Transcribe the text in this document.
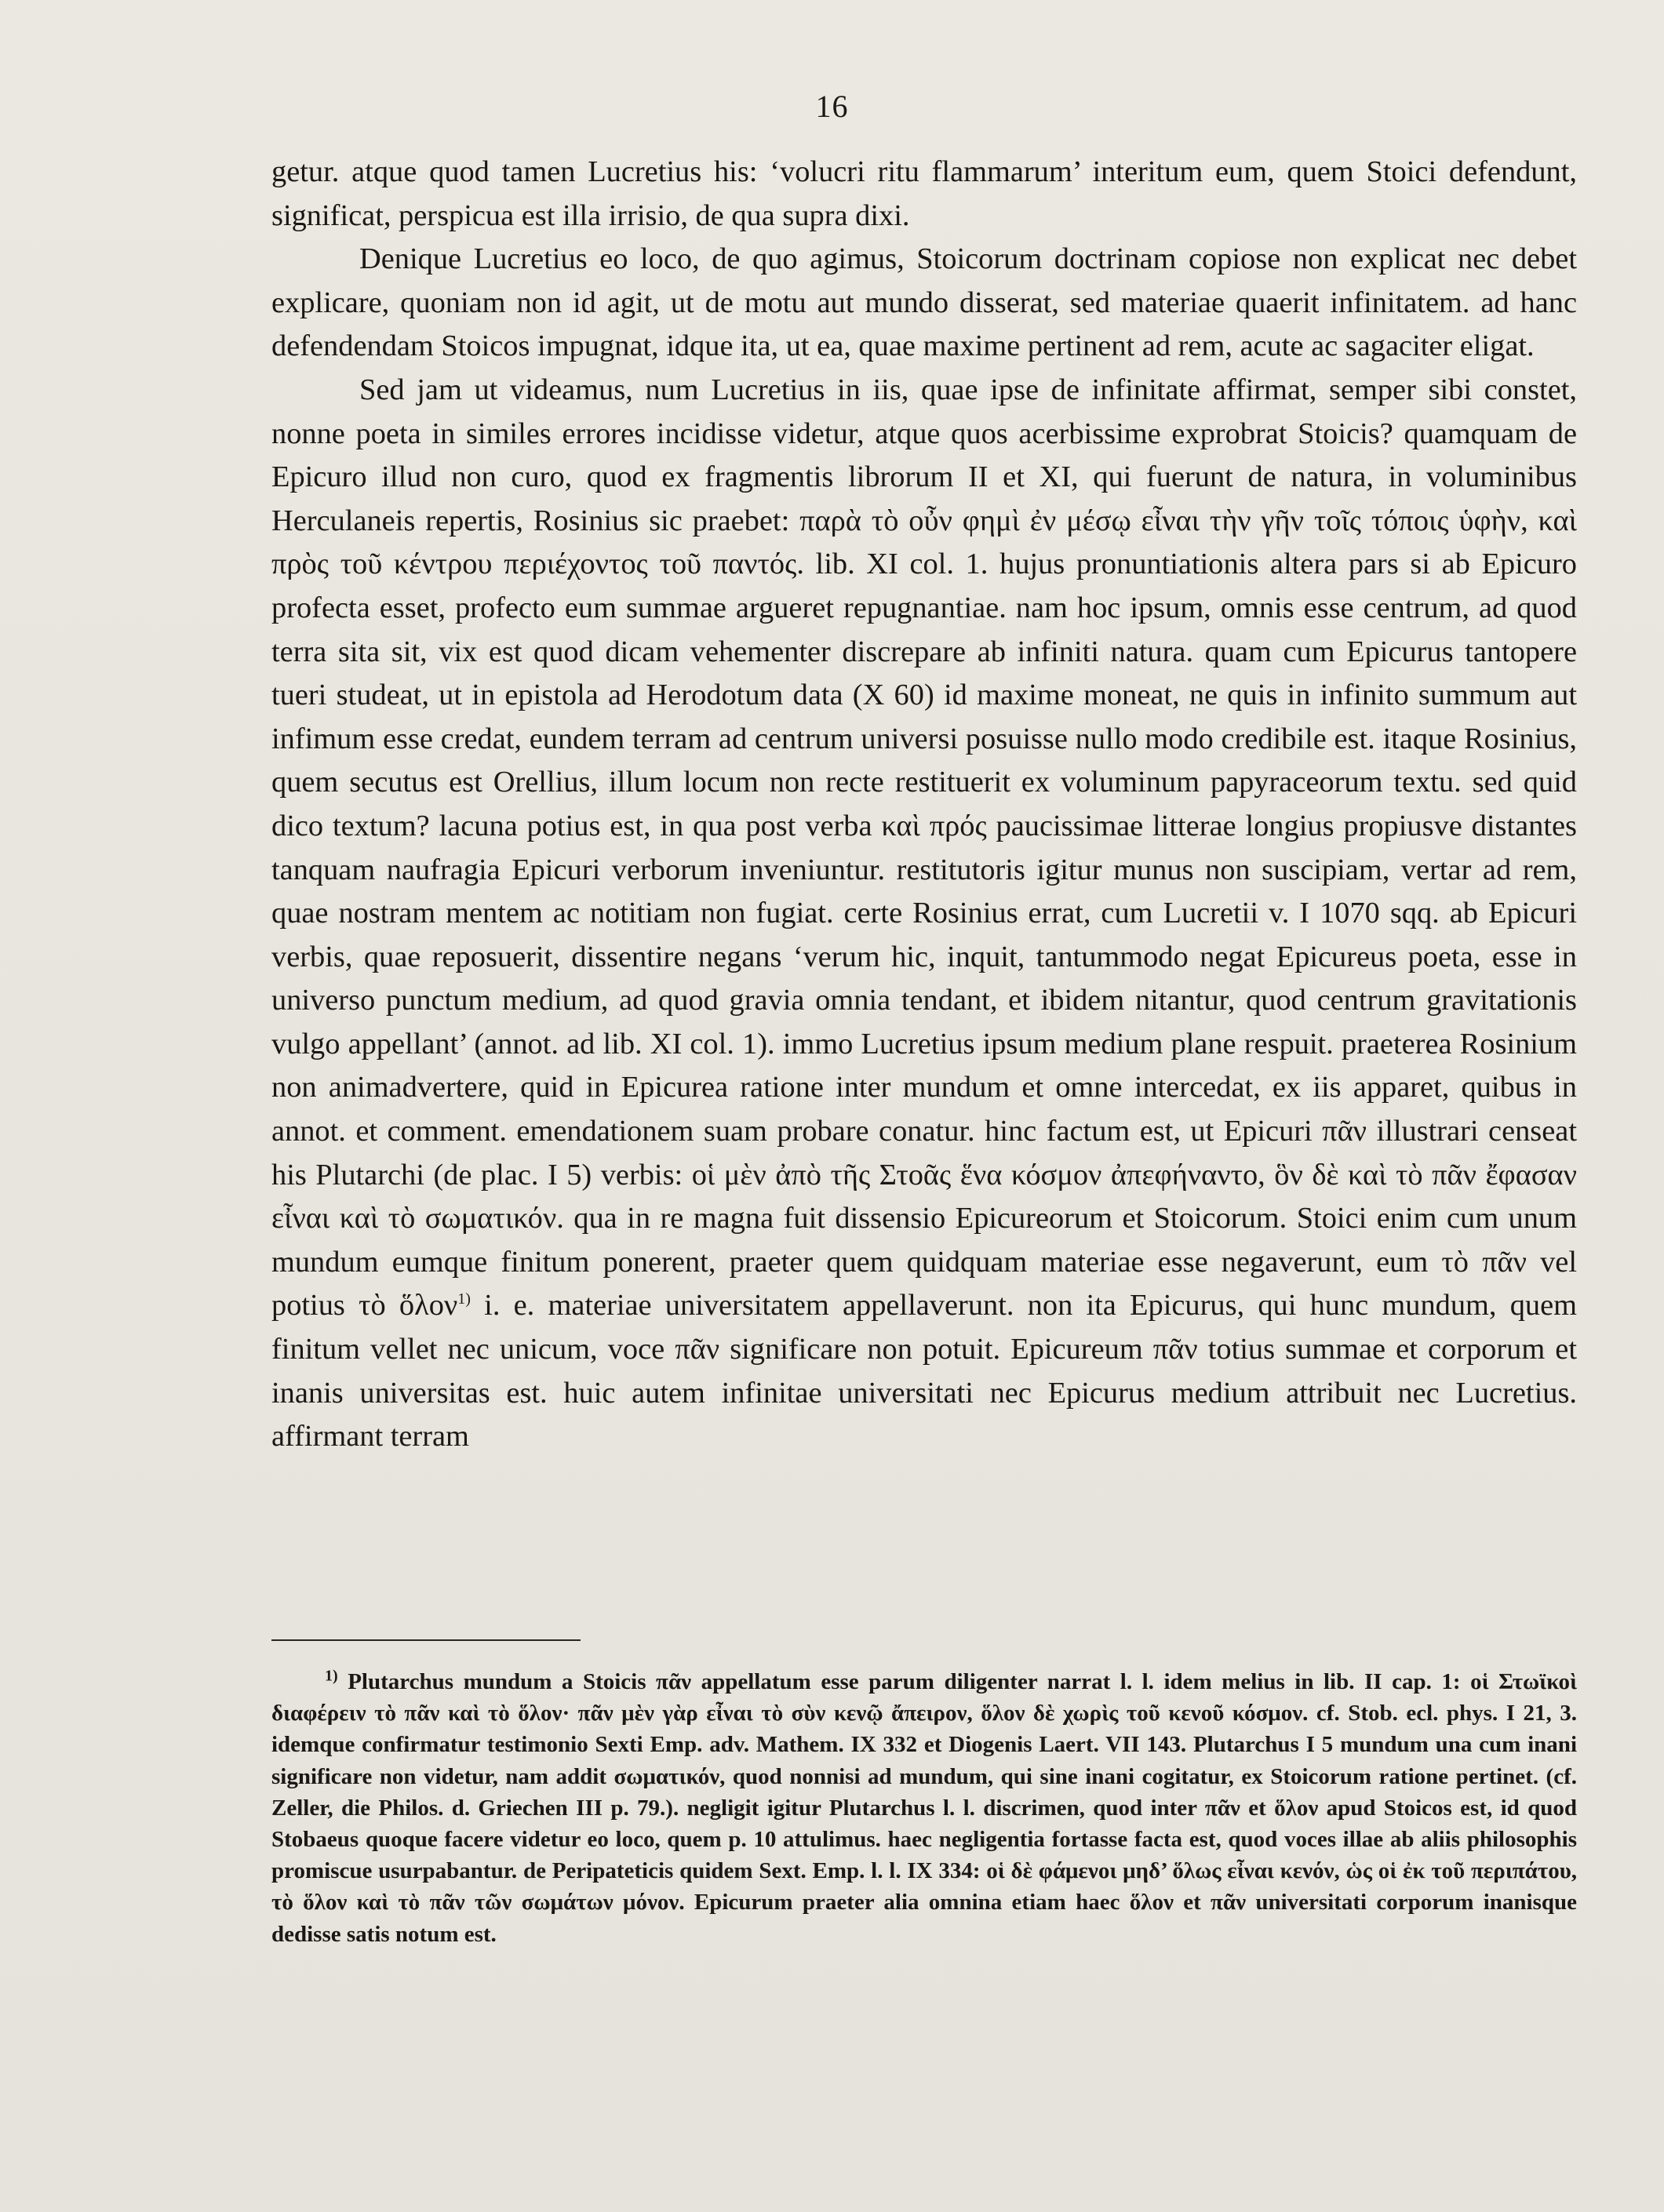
16

getur. atque quod tamen Lucretius his: ‘volucri ritu flammarum’ interitum eum, quem Stoici defendunt, significat, perspicua est illa irrisio, de qua supra dixi.

Denique Lucretius eo loco, de quo agimus, Stoicorum doctrinam copiose non explicat nec debet explicare, quoniam non id agit, ut de motu aut mundo disserat, sed materiae quaerit infinitatem. ad hanc defendendam Stoicos impugnat, idque ita, ut ea, quae maxime pertinent ad rem, acute ac sagaciter eligat.

Sed jam ut videamus, num Lucretius in iis, quae ipse de infinitate affirmat, semper sibi constet, nonne poeta in similes errores incidisse videtur, atque quos acerbissime exprobrat Stoicis? quamquam de Epicuro illud non curo, quod ex fragmentis librorum II et XI, qui fuerunt de natura, in voluminibus Herculaneis repertis, Rosinius sic praebet: παρὰ τὸ οὖν φημὶ ἐν μέσῳ εἶναι τὴν γῆν τοῖς τόποις ὑφὴν, καὶ πρὸς τοῦ κέντρου περιέχοντος τοῦ παντός. lib. XI col. 1. hujus pronuntiationis altera pars si ab Epicuro profecta esset, profecto eum summae argueret repugnantiae. nam hoc ipsum, omnis esse centrum, ad quod terra sita sit, vix est quod dicam vehementer discrepare ab infiniti natura. quam cum Epicurus tantopere tueri studeat, ut in epistola ad Herodotum data (X 60) id maxime moneat, ne quis in infinito summum aut infimum esse credat, eundem terram ad centrum universi posuisse nullo modo credibile est. itaque Rosinius, quem secutus est Orellius, illum locum non recte restituerit ex voluminum papyraceorum textu. sed quid dico textum? lacuna potius est, in qua post verba καὶ πρός paucissimae litterae longius propiusve distantes tanquam naufragia Epicuri verborum inveniuntur. restitutoris igitur munus non suscipiam, vertar ad rem, quae nostram mentem ac notitiam non fugiat. certe Rosinius errat, cum Lucretii v. I 1070 sqq. ab Epicuri verbis, quae reposuerit, dissentire negans ‘verum hic, inquit, tantummodo negat Epicureus poeta, esse in universo punctum medium, ad quod gravia omnia tendant, et ibidem nitantur, quod centrum gravitationis vulgo appellant’ (annot. ad lib. XI col. 1). immo Lucretius ipsum medium plane respuit. praeterea Rosinium non animadvertere, quid in Epicurea ratione inter mundum et omne intercedat, ex iis apparet, quibus in annot. et comment. emendationem suam probare conatur. hinc factum est, ut Epicuri πᾶν illustrari censeat his Plutarchi (de plac. I 5) verbis: οἱ μὲν ἀπὸ τῆς Στοᾶς ἕνα κόσμον ἀπεφήναντο, ὃν δὲ καὶ τὸ πᾶν ἔφασαν εἶναι καὶ τὸ σωματικόν. qua in re magna fuit dissensio Epicureorum et Stoicorum. Stoici enim cum unum mundum eumque finitum ponerent, praeter quem quidquam materiae esse negaverunt, eum τὸ πᾶν vel potius τὸ ὅλον$^{1)}$ i. e. materiae universitatem appellaverunt. non ita Epicurus, qui hunc mundum, quem finitum vellet nec unicum, voce πᾶν significare non potuit. Epicureum πᾶν totius summae et corporum et inanis universitas est. huic autem infinitae universitati nec Epicurus medium attribuit nec Lucretius. affirmant terram

$^{1)}$ Plutarchus mundum a Stoicis πᾶν appellatum esse parum diligenter narrat l. l. idem melius in lib. II cap. 1: οἱ Στωϊκοὶ διαφέρειν τὸ πᾶν καὶ τὸ ὅλον· πᾶν μὲν γὰρ εἶναι τὸ σὺν κενῷ ἄπειρον, ὅλον δὲ χωρὶς τοῦ κενοῦ κόσμον. cf. Stob. ecl. phys. I 21, 3. idemque confirmatur testimonio Sexti Emp. adv. Mathem. IX 332 et Diogenis Laert. VII 143. Plutarchus I 5 mundum una cum inani significare non videtur, nam addit σωματικόν, quod nonnisi ad mundum, qui sine inani cogitatur, ex Stoicorum ratione pertinet. (cf. Zeller, die Philos. d. Griechen III p. 79.). negligit igitur Plutarchus l. l. discrimen, quod inter πᾶν et ὅλον apud Stoicos est, id quod Stobaeus quoque facere videtur eo loco, quem p. 10 attulimus. haec negligentia fortasse facta est, quod voces illae ab aliis philosophis promiscue usurpabantur. de Peripateticis quidem Sext. Emp. l. l. IX 334: οἱ δὲ φάμενοι μηδ’ ὅλως εἶναι κενόν, ὡς οἱ ἐκ τοῦ περιπάτου, τὸ ὅλον καὶ τὸ πᾶν τῶν σωμάτων μόνον. Epicurum praeter alia omnina etiam haec ὅλον et πᾶν universitati corporum inanisque dedisse satis notum est.
